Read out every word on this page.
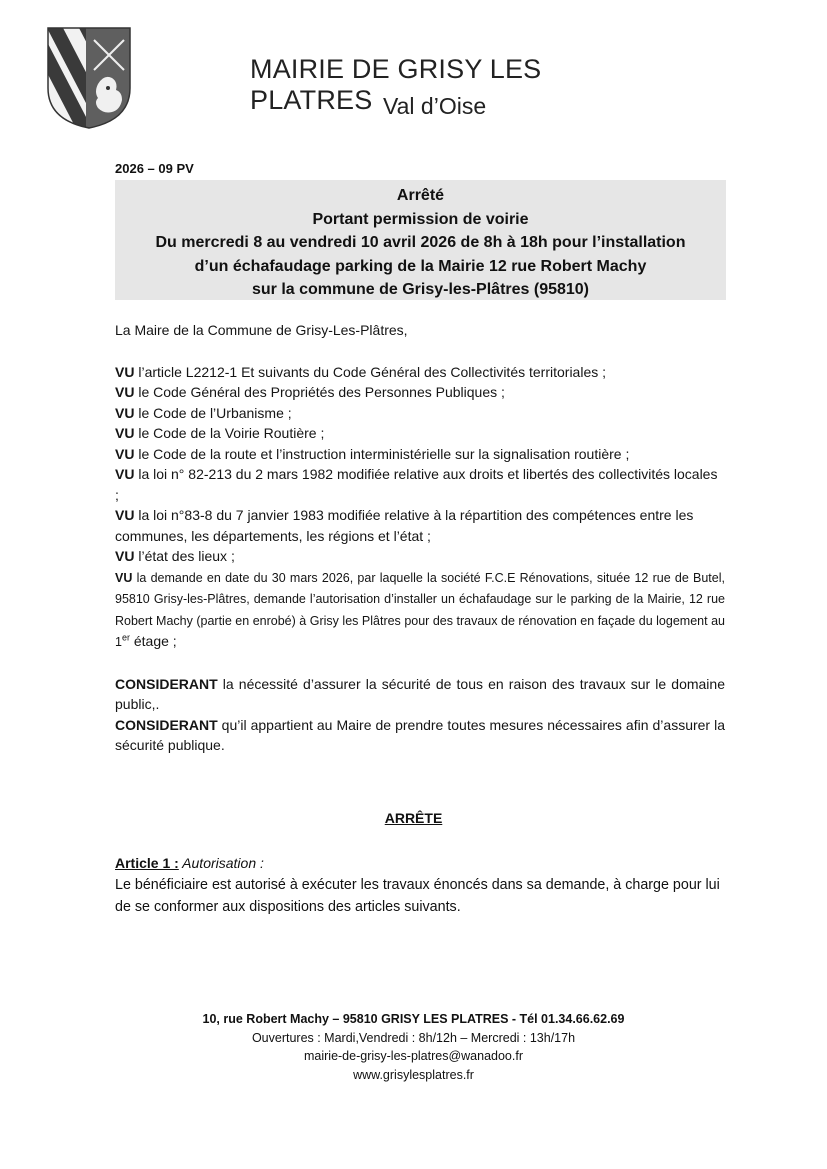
MAIRIE DE GRISY LES PLATRES Val d’Oise
2026 – 09 PV
Arrêté
Portant permission de voirie
Du mercredi 8 au vendredi 10 avril 2026 de 8h à 18h pour l’installation
d’un échafaudage parking de la Mairie 12 rue Robert Machy
sur la commune de Grisy-les-Plâtres (95810)

La Maire de la Commune de Grisy-Les-Plâtres,

VU l’article L2212-1 Et suivants du Code Général des Collectivités territoriales ;

VU le Code Général des Propriétés des Personnes Publiques ;

VU le Code de l’Urbanisme ;

VU le Code de la Voirie Routière ;

VU le Code de la route et l’instruction interministérielle sur la signalisation routière ;

VU la loi n° 82-213 du 2 mars 1982 modifiée relative aux droits et libertés des collectivités locales ;

VU la loi n°83-8 du 7 janvier 1983 modifiée relative à la répartition des compétences entre les communes, les départements, les régions et l’état ;

VU l’état des lieux ;

VU la demande en date du 30 mars 2026, par laquelle la société F.C.E Rénovations, située 12 rue de Butel, 95810 Grisy-les-Plâtres, demande l’autorisation d’installer un échafaudage sur le parking de la Mairie, 12 rue Robert Machy (partie en enrobé) à Grisy les Plâtres pour des travaux de rénovation en façade du logement au 1er étage ;

CONSIDERANT la nécessité d’assurer la sécurité de tous en raison des travaux sur le domaine public,.

CONSIDERANT qu’il appartient au Maire de prendre toutes mesures nécessaires afin d’assurer la sécurité publique.

ARRÊTE
Article 1 : Autorisation :
Le bénéficiaire est autorisé à exécuter les travaux énoncés dans sa demande, à charge pour lui de se conformer aux dispositions des articles suivants.
10, rue Robert Machy – 95810 GRISY LES PLATRES - Tél 01.34.66.62.69
Ouvertures : Mardi,Vendredi : 8h/12h – Mercredi : 13h/17h
mairie-de-grisy-les-platres@wanadoo.fr
www.grisylesplatres.fr
